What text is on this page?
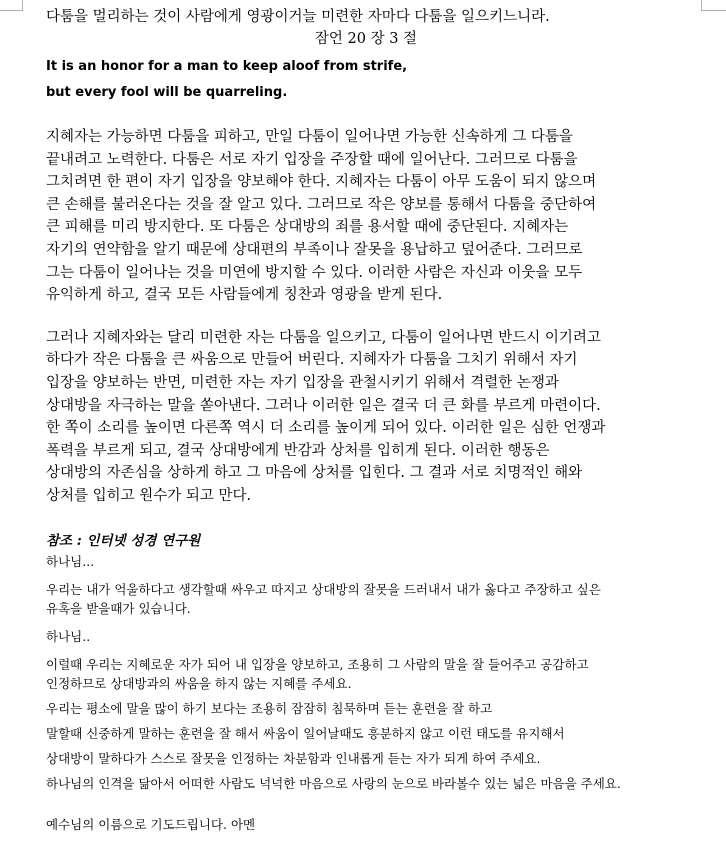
다툼을 멀리하는 것이 사람에게 영광이거늘 미련한 자마다 다툼을 일으키느니라.
잠언 20 장 3 절
It is an honor for a man to keep aloof from strife,
but every fool will be quarreling.
지혜자는 가능하면 다툼을 피하고, 만일 다툼이 일어나면 가능한 신속하게 그 다툼을
끝내려고 노력한다. 다툼은 서로 자기 입장을 주장할 때에 일어난다. 그러므로 다툼을
그치려면 한 편이 자기 입장을 양보해야 한다. 지혜자는 다툼이 아무 도움이 되지 않으며
큰 손해를 불러온다는 것을 잘 알고 있다. 그러므로 작은 양보를 통해서 다툼을 중단하여
큰 피해를 미리 방지한다. 또 다툼은 상대방의 죄를 용서할 때에 중단된다. 지혜자는
자기의 연약함을 알기 때문에 상대편의 부족이나 잘못을 용납하고 덮어준다. 그러므로
그는 다툼이 일어나는 것을 미연에 방지할 수 있다. 이러한 사람은 자신과 이웃을 모두
유익하게 하고, 결국 모든 사람들에게 칭찬과 영광을 받게 된다.
그러나 지혜자와는 달리 미련한 자는 다툼을 일으키고, 다툼이 일어나면 반드시 이기려고
하다가 작은 다툼을 큰 싸움으로 만들어 버린다. 지혜자가 다툼을 그치기 위해서 자기
입장을 양보하는 반면, 미련한 자는 자기 입장을 관철시키기 위해서 격렬한 논쟁과
상대방을 자극하는 말을 쏟아낸다. 그러나 이러한 일은 결국 더 큰 화를 부르게 마련이다.
한 쪽이 소리를 높이면 다른쪽 역시 더 소리를 높이게 되어 있다. 이러한 일은 심한 언쟁과
폭력을 부르게 되고, 결국 상대방에게 반감과 상처를 입히게 된다. 이러한 행동은
상대방의 자존심을 상하게 하고 그 마음에 상처를 입힌다. 그 결과 서로 치명적인 해와
상처를 입히고 원수가 되고 만다.
참조 : 인터넷 성경 연구원
하나님...
우리는 내가 억울하다고 생각할때 싸우고 따지고 상대방의 잘못을 드러내서 내가 옳다고 주장하고 싶은
유혹을 받을때가 있습니다.
하나님..
이럴때 우리는 지혜로운 자가 되어 내 입장을 양보하고, 조용히 그 사람의 말을 잘 들어주고 공감하고
인정하므로 상대방과의 싸움을 하지 않는 지혜를 주세요.
우리는 평소에 말을 많이 하기 보다는 조용히 잠잠히 침묵하며 듣는 훈련을 잘 하고
말할때 신중하게 말하는 훈련을 잘 해서 싸움이 일어날때도 흥분하지 않고 이런 태도를 유지해서
상대방이 말하다가 스스로 잘못을 인정하는 차분함과 인내롭게 듣는 자가 되게 하여 주세요.
하나님의 인격을 닮아서 어떠한 사람도 넉넉한 마음으로 사랑의 눈으로 바라볼수 있는 넓은 마음을 주세요.
예수님의 이름으로 기도드립니다. 아멘
